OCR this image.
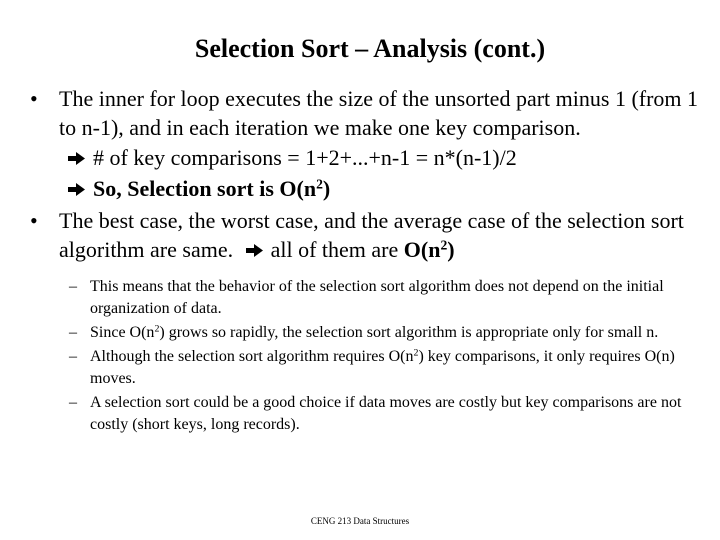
Selection Sort – Analysis (cont.)
• The inner for loop executes the size of the unsorted part minus 1 (from 1 to n-1), and in each iteration we make one key comparison.
# of key comparisons = 1+2+...+n-1 = n*(n-1)/2
So, Selection sort is $O(n^2)$
• The best case, the worst case, and the average case of the selection sort algorithm are same. all of them are $O(n^2)$
– This means that the behavior of the selection sort algorithm does not depend on the initial organization of data.
– Since $O(n^2)$ grows so rapidly, the selection sort algorithm is appropriate only for small n.
– Although the selection sort algorithm requires $O(n^2)$ key comparisons, it only requires O(n) moves.
– A selection sort could be a good choice if data moves are costly but key comparisons are not costly (short keys, long records).
CENG 213 Data Structures
